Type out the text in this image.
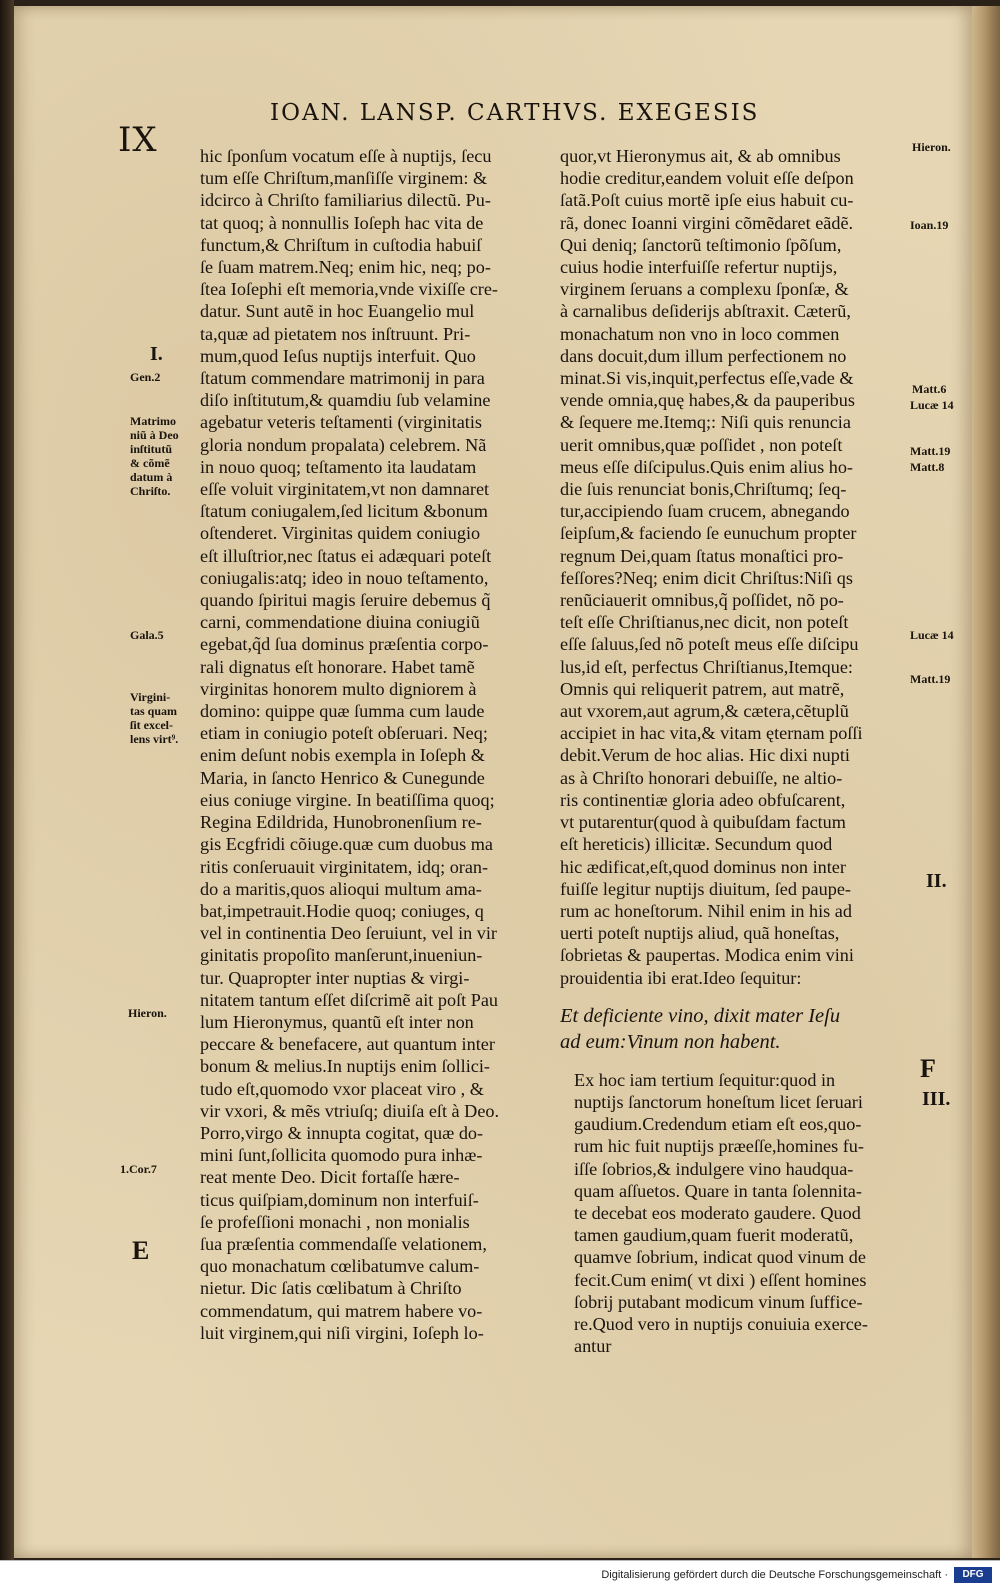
IX
IOAN. LANSP. CARTHVS. EXEGESIS
hic ſponſum vocatum eſſe à nuptijs, ſecu
tum eſſe Chriſtum,manſiſſe virginem: &
idcirco à Chriſto familiarius dilectũ. Pu-
tat quoq; à nonnullis Ioſeph hac vita de
functum,& Chriſtum in cuſtodia habuiſ
ſe ſuam matrem.Neq; enim hic, neq; po-
ſtea Ioſephi eſt memoria,vnde vixiſſe cre-
datur. Sunt autẽ in hoc Euangelio mul
ta,quæ ad pietatem nos inſtruunt. Pri-
mum,quod Ieſus nuptijs interfuit. Quo
ſtatum commendare matrimonij in para
diſo inſtitutum,& quamdiu ſub velamine
agebatur veteris teſtamenti (virginitatis
gloria nondum propalata) celebrem. Nã
in nouo quoq; teſtamento ita laudatam
eſſe voluit virginitatem,vt non damnaret
ſtatum coniugalem,ſed licitum &bonum
oſtenderet. Virginitas quidem coniugio
eſt illuſtrior,nec ſtatus ei adæquari poteſt
coniugalis:atq; ideo in nouo teſtamento,
quando ſpiritui magis ſeruire debemus q̃
carni, commendatione diuina coniugiũ
egebat,q̃d ſua dominus præſentia corpo-
rali dignatus eſt honorare. Habet tamẽ
virginitas honorem multo digniorem à
domino: quippe quæ ſumma cum laude
etiam in coniugio poteſt obſeruari. Neq;
enim deſunt nobis exempla in Ioſeph &
Maria, in ſancto Henrico & Cunegunde
eius coniuge virgine. In beatiſſima quoq;
Regina Edildrida, Hunobronenſium re-
gis Ecgfridi cõiuge.quæ cum duobus ma
ritis conſeruauit virginitatem, idq; oran-
do a maritis,quos alioqui multum ama-
bat,impetrauit.Hodie quoq; coniuges, q
vel in continentia Deo ſeruiunt, vel in vir
ginitatis propoſito manſerunt,inueniun-
tur. Quapropter inter nuptias & virgi-
nitatem tantum eſſet diſcrimẽ ait poſt Pau
lum Hieronymus, quantũ eſt inter non
peccare & benefacere, aut quantum inter
bonum & melius.In nuptijs enim ſollici-
tudo eſt,quomodo vxor placeat viro , &
vir vxori, & mẽs vtriuſq; diuiſa eſt à Deo.
Porro,virgo & innupta cogitat, quæ do-
mini ſunt,ſollicita quomodo pura inhæ-
reat mente Deo. Dicit fortaſſe hære-
ticus quiſpiam,dominum non interfuiſ-
ſe profeſſioni monachi , non monialis
ſua præſentia commendaſſe velationem,
quo monachatum cœlibatumve calum-
nietur. Dic ſatis cœlibatum à Chriſto
commendatum, qui matrem habere vo-
luit virginem,qui niſi virgini, Ioſeph lo-
quor,vt Hieronymus ait, & ab omnibus
hodie creditur,eandem voluit eſſe deſpon
ſatã.Poſt cuius mortẽ ipſe eius habuit cu-
rã, donec Ioanni virgini cõmẽdaret eãdẽ.
Qui deniq; ſanctorũ teſtimonio ſpõſum,
cuius hodie interfuiſſe refertur nuptijs,
virginem ſeruans a complexu ſponſæ, &
à carnalibus deſiderijs abſtraxit. Cæterũ,
monachatum non vno in loco commen
dans docuit,dum illum perfectionem no
minat.Si vis,inquit,perfectus eſſe,vade &
vende omnia,quę habes,& da pauperibus
& ſequere me.Itemq;: Niſi quis renuncia
uerit omnibus,quæ poſſidet , non poteſt
meus eſſe diſcipulus.Quis enim alius ho-
die ſuis renunciat bonis,Chriſtumq; ſeq-
tur,accipiendo ſuam crucem, abnegando
ſeipſum,& faciendo ſe eunuchum propter
regnum Dei,quam ſtatus monaſtici pro-
feſſores?Neq; enim dicit Chriſtus:Niſi qs
renũciauerit omnibus,q̃ poſſidet, nõ po-
teſt eſſe Chriſtianus,nec dicit, non poteſt
eſſe ſaluus,ſed nõ poteſt meus eſſe diſcipu
lus,id eſt, perfectus Chriſtianus,Itemque:
Omnis qui reliquerit patrem, aut matrẽ,
aut vxorem,aut agrum,& cætera,cẽtuplũ
accipiet in hac vita,& vitam ęternam poſſi
debit.Verum de hoc alias. Hic dixi nupti
as à Chriſto honorari debuiſſe, ne altio-
ris continentiæ gloria adeo obfuſcarent,
vt putarentur(quod à quibuſdam factum
eſt hereticis) illicitæ. Secundum quod
hic ædificat,eſt,quod dominus non inter
fuiſſe legitur nuptijs diuitum, ſed paupe-
rum ac honeſtorum. Nihil enim in his ad
uerti poteſt nuptijs aliud, quã honeſtas,
ſobrietas & paupertas. Modica enim vini
prouidentia ibi erat.Ideo ſequitur:
Et deficiente vino, dixit mater Ieſu
ad eum:Vinum non habent.
Ex hoc iam tertium ſequitur:quod in
nuptijs ſanctorum honeſtum licet ſeruari
gaudium.Credendum etiam eſt eos,quo-
rum hic fuit nuptijs præeſſe,homines fu-
iſſe ſobrios,& indulgere vino haudqua-
quam aſſuetos. Quare in tanta ſolennita-
te decebat eos moderato gaudere. Quod
tamen gaudium,quam fuerit moderatũ,
quamve ſobrium, indicat quod vinum de
fecit.Cum enim( vt dixi ) eſſent homines
ſobrij putabant modicum vinum ſuffice-
re.Quod vero in nuptijs conuiuia exerce-
antur
I.
Gen.2
Matrimo
niũ à Deo
inſtitutũ
& cõmẽ
datum à
Chriſto.
Gala.5
Virgini-
tas quam
ſit excel-
lens virt⁹.
Hieron.
1.Cor.7
E
Hieron.
Ioan.19
Matt.6
Lucæ 14
Matt.19
Matt.8
Lucæ 14
Matt.19
II.
F
III.
Digitalisierung gefördert durch die Deutsche Forschungsgemeinschaft ·	DFG
